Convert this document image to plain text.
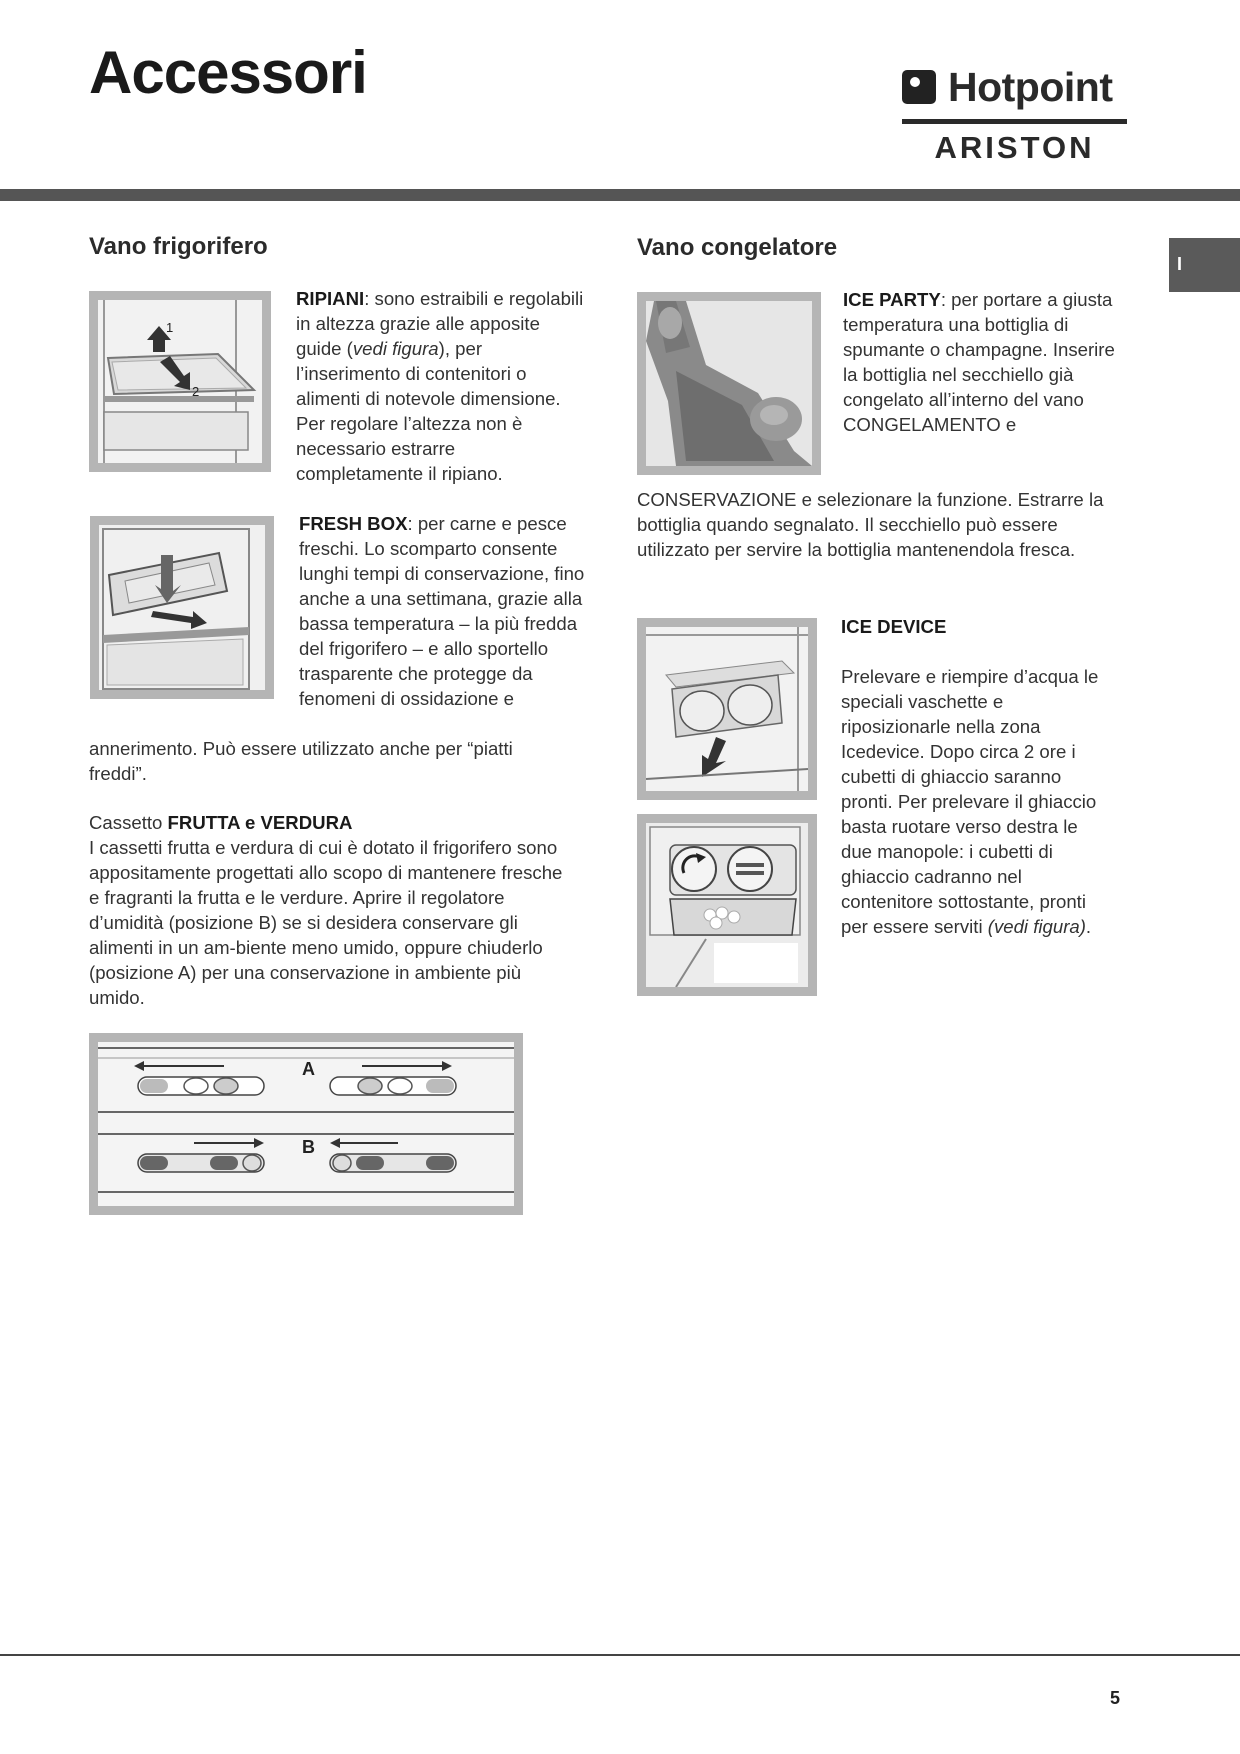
Accessori	Hotpoint
ARISTON
I
Vano frigorifero
1
2

RIPIANI: sono estraibili e regolabili in altezza grazie alle apposite guide (vedi figura), per l’inserimento di contenitori o alimenti di notevole dimensione. Per regolare l’altezza non è necessario estrarre completamente il ripiano.

FRESH BOX: per carne e pesce freschi. Lo scomparto consente lunghi tempi di conservazione, fino anche a una settimana, grazie alla bassa temperatura – la più fredda del frigorifero – e allo sportello trasparente che protegge da fenomeni di ossidazione e

annerimento. Può essere utilizzato anche per “piatti freddi”.

Cassetto FRUTTA e VERDURA
I cassetti frutta e verdura di cui è dotato il frigorifero sono appositamente progettati allo scopo di mantenere fresche e fragranti la frutta e le verdure. Aprire il regolatore d’umidità (posizione B) se si desidera conservare gli alimenti in un am-biente meno umido, oppure chiuderlo (posizione A) per una conservazione in ambiente più umido.

A
B
Vano congelatore

ICE PARTY: per portare a giusta temperatura una bottiglia di spumante o champagne. Inserire la bottiglia nel secchiello già congelato all’interno del vano CONGELAMENTO e

CONSERVAZIONE e selezionare la funzione. Estrarre la bottiglia quando segnalato. Il secchiello può essere utilizzato per servire la bottiglia mantenendola fresca.

ICE DEVICE

Prelevare e riempire d’acqua le speciali vaschette e riposizionarle nella zona Icedevice. Dopo circa 2 ore i cubetti di ghiaccio saranno pronti. Per prelevare il ghiaccio basta ruotare verso destra le due manopole: i cubetti di ghiaccio cadranno nel contenitore sottostante, pronti per essere serviti (vedi figura).

5
